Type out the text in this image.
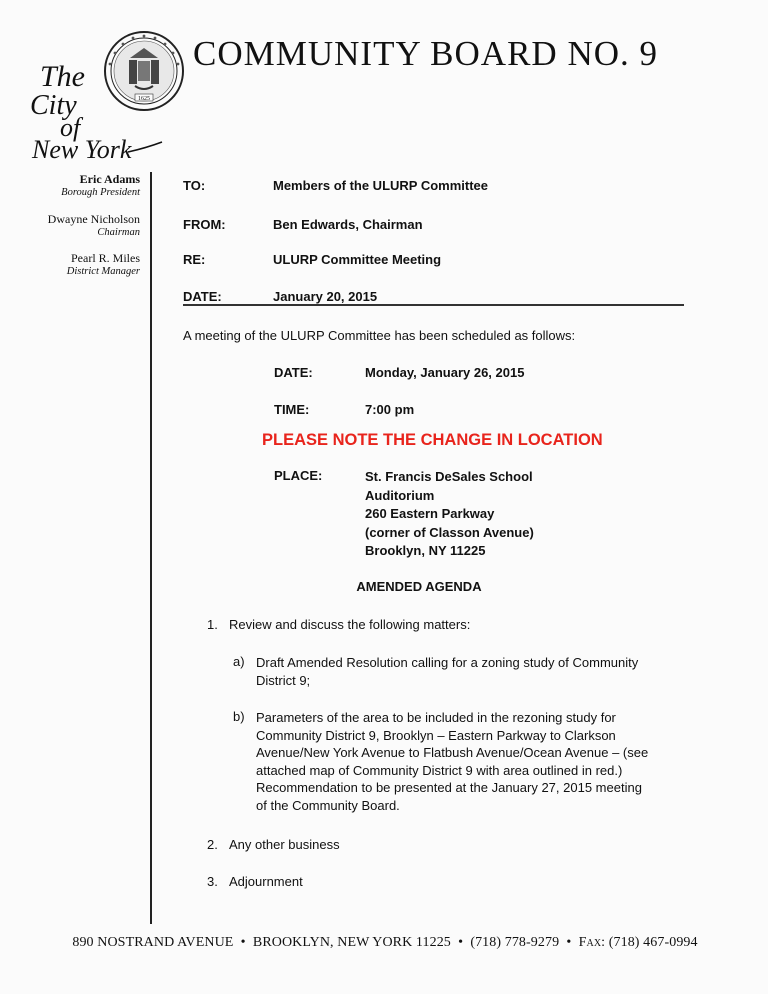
COMMUNITY BOARD NO. 9
1625
The
City
of
New York
Eric Adams
Borough President
Dwayne Nicholson
Chairman
Pearl R. Miles
District Manager
TO:	Members of the ULURP Committee
FROM:	Ben Edwards, Chairman
RE:	ULURP Committee Meeting
DATE:	January 20, 2015
A meeting of the ULURP Committee has been scheduled as follows:
DATE:	Monday, January 26, 2015
TIME:	7:00 pm
PLEASE NOTE THE CHANGE IN LOCATION
PLACE:	St. Francis DeSales School
Auditorium
260 Eastern Parkway
(corner of Classon Avenue)
Brooklyn, NY 11225
AMENDED AGENDA
1. Review and discuss the following matters:
a) Draft Amended Resolution calling for a zoning study of Community
District 9;
b) Parameters of the area to be included in the rezoning study for
Community District 9, Brooklyn – Eastern Parkway to Clarkson
Avenue/New York Avenue to Flatbush Avenue/Ocean Avenue – (see
attached map of Community District 9 with area outlined in red.)
Recommendation to be presented at the January 27, 2015 meeting
of the Community Board.
2. Any other business
3. Adjournment
890 NOSTRAND AVENUE  •  BROOKLYN, NEW YORK 11225  •  (718) 778-9279  •  Fax: (718) 467-0994
